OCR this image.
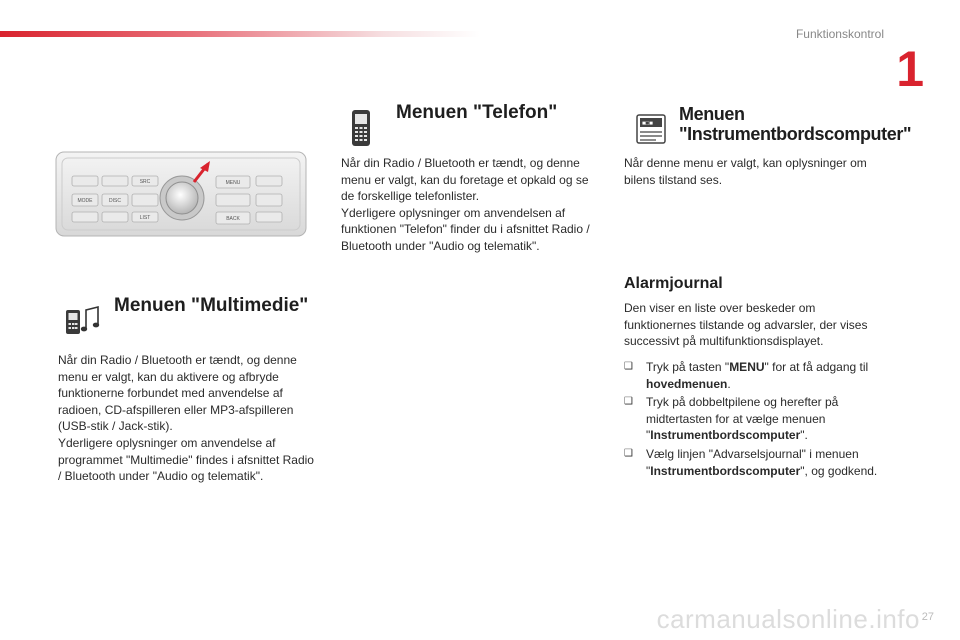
Funktionskontrol
1
SRC	MENU
MODE	DISC
BACK
LIST
Menuen "Telefon"
Når din Radio / Bluetooth er tændt, og denne menu er valgt, kan du foretage et opkald og se de forskellige telefonlister.
Yderligere oplysninger om anvendelsen af funktionen "Telefon" finder du i afsnittet Radio / Bluetooth under "Audio og telematik".
■□■ Menuen
"Instrumentbordscomputer"
Når denne menu er valgt, kan oplysninger om bilens tilstand ses.
Alarmjournal
Den viser en liste over beskeder om funktionernes tilstande og advarsler, der vises successivt på multifunktionsdisplayet.
❑ Tryk på tasten "MENU" for at få adgang til hovedmenuen.
❑ Tryk på dobbeltpilene og herefter på midtertasten for at vælge menuen "Instrumentbordscomputer".
❑ Vælg linjen "Advarselsjournal" i menuen "Instrumentbordscomputer", og godkend.
Menuen "Multimedie"
Når din Radio / Bluetooth er tændt, og denne menu er valgt, kan du aktivere og afbryde funktionerne forbundet med anvendelse af radioen, CD-afspilleren eller MP3-afspilleren (USB-stik / Jack-stik).
Yderligere oplysninger om anvendelse af programmet "Multimedie" findes i afsnittet Radio / Bluetooth under "Audio og telematik".
carmanualsonline.info 27
